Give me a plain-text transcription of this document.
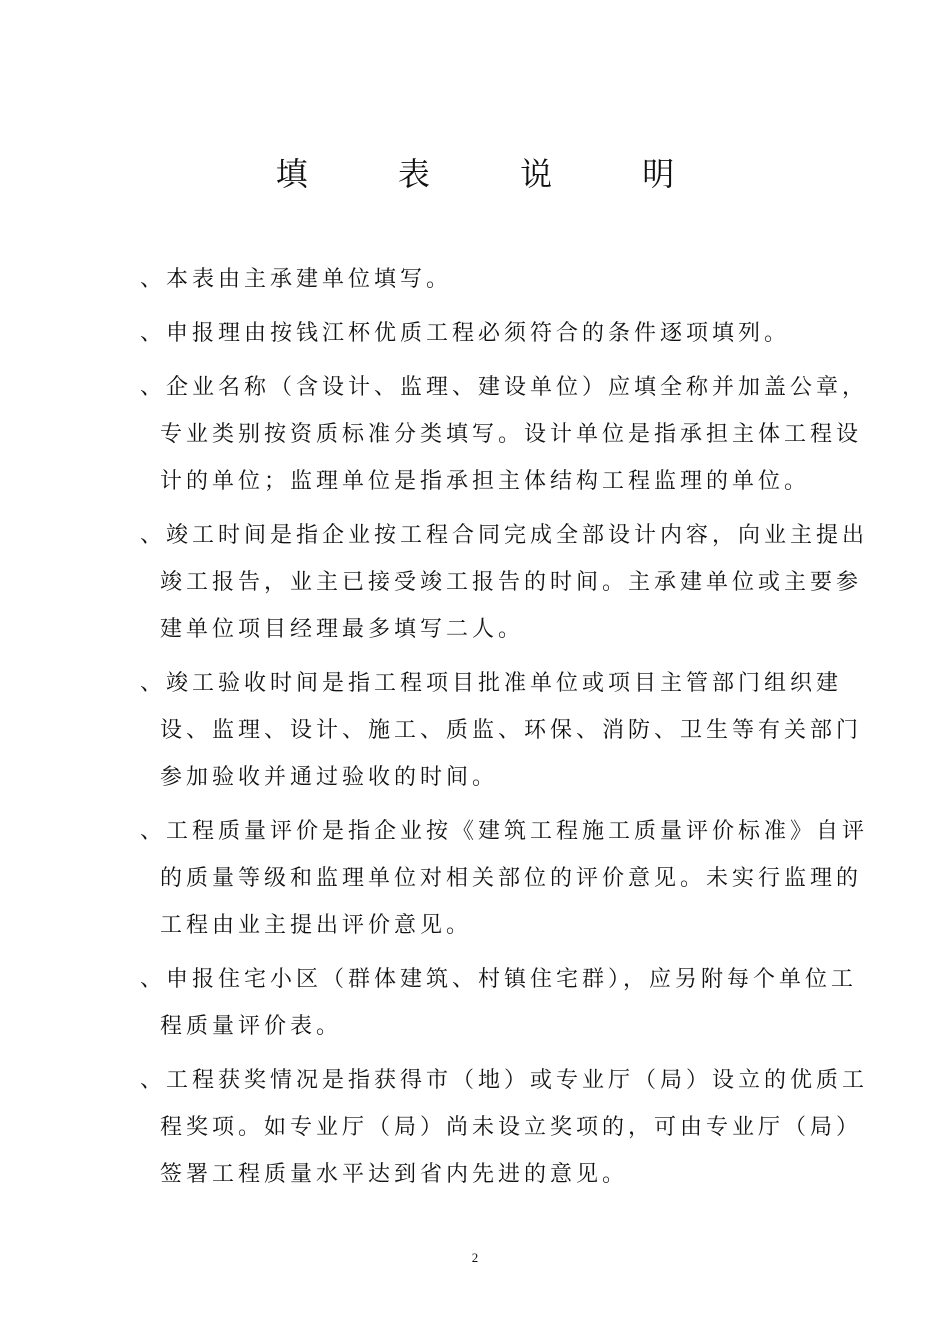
填 表 说 明
、本表由主承建单位填写。
、申报理由按钱江杯优质工程必须符合的条件逐项填列。
、企业名称（含设计、监理、建设单位）应填全称并加盖公章，
专业类别按资质标准分类填写。设计单位是指承担主体工程设
计的单位；监理单位是指承担主体结构工程监理的单位。
、竣工时间是指企业按工程合同完成全部设计内容，向业主提出
竣工报告，业主已接受竣工报告的时间。主承建单位或主要参
建单位项目经理最多填写二人。
、竣工验收时间是指工程项目批准单位或项目主管部门组织建
设、监理、设计、施工、质监、环保、消防、卫生等有关部门
参加验收并通过验收的时间。
、工程质量评价是指企业按《建筑工程施工质量评价标准》自评
的质量等级和监理单位对相关部位的评价意见。未实行监理的
工程由业主提出评价意见。
、申报住宅小区（群体建筑、村镇住宅群），应另附每个单位工
程质量评价表。
、工程获奖情况是指获得市（地）或专业厅（局）设立的优质工
程奖项。如专业厅（局）尚未设立奖项的，可由专业厅（局）
签署工程质量水平达到省内先进的意见。
2
